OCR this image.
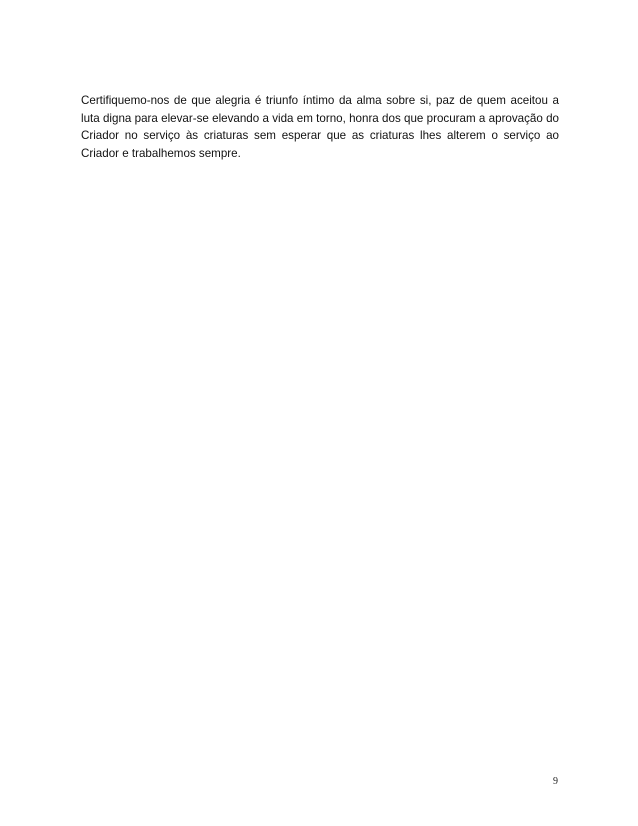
Certifiquemo-nos de que alegria é triunfo íntimo da alma sobre si, paz de quem aceitou a luta digna para elevar-se elevando a vida em torno, honra dos que procuram a aprovação do Criador no serviço às criaturas sem esperar que as criaturas lhes alterem o serviço ao Criador e trabalhemos sempre.

9
